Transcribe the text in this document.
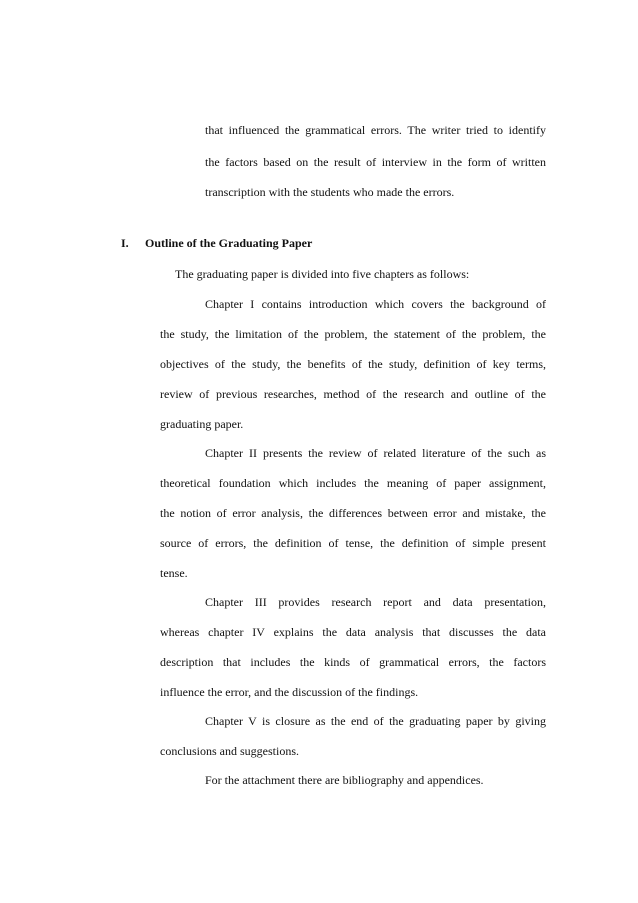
that influenced the grammatical errors. The writer tried to identify
the factors based on the result of interview in the form of written
transcription with the students who made the errors.
I. Outline of the Graduating Paper
The graduating paper is divided into five chapters as follows:
Chapter I contains introduction which covers the background of
the study, the limitation of the problem, the statement of the problem, the
objectives of the study, the benefits of the study, definition of key terms,
review of previous researches, method of the research and outline of the
graduating paper.
Chapter II presents the review of related literature of the such as
theoretical foundation which includes the meaning of paper assignment,
the notion of error analysis, the differences between error and mistake, the
source of errors, the definition of tense, the definition of simple present
tense.
Chapter III provides research report and data presentation,
whereas chapter IV explains the data analysis that discusses the data
description that includes the kinds of grammatical errors, the factors
influence the error, and the discussion of the findings.
Chapter V is closure as the end of the graduating paper by giving
conclusions and suggestions.
For the attachment there are bibliography and appendices.
